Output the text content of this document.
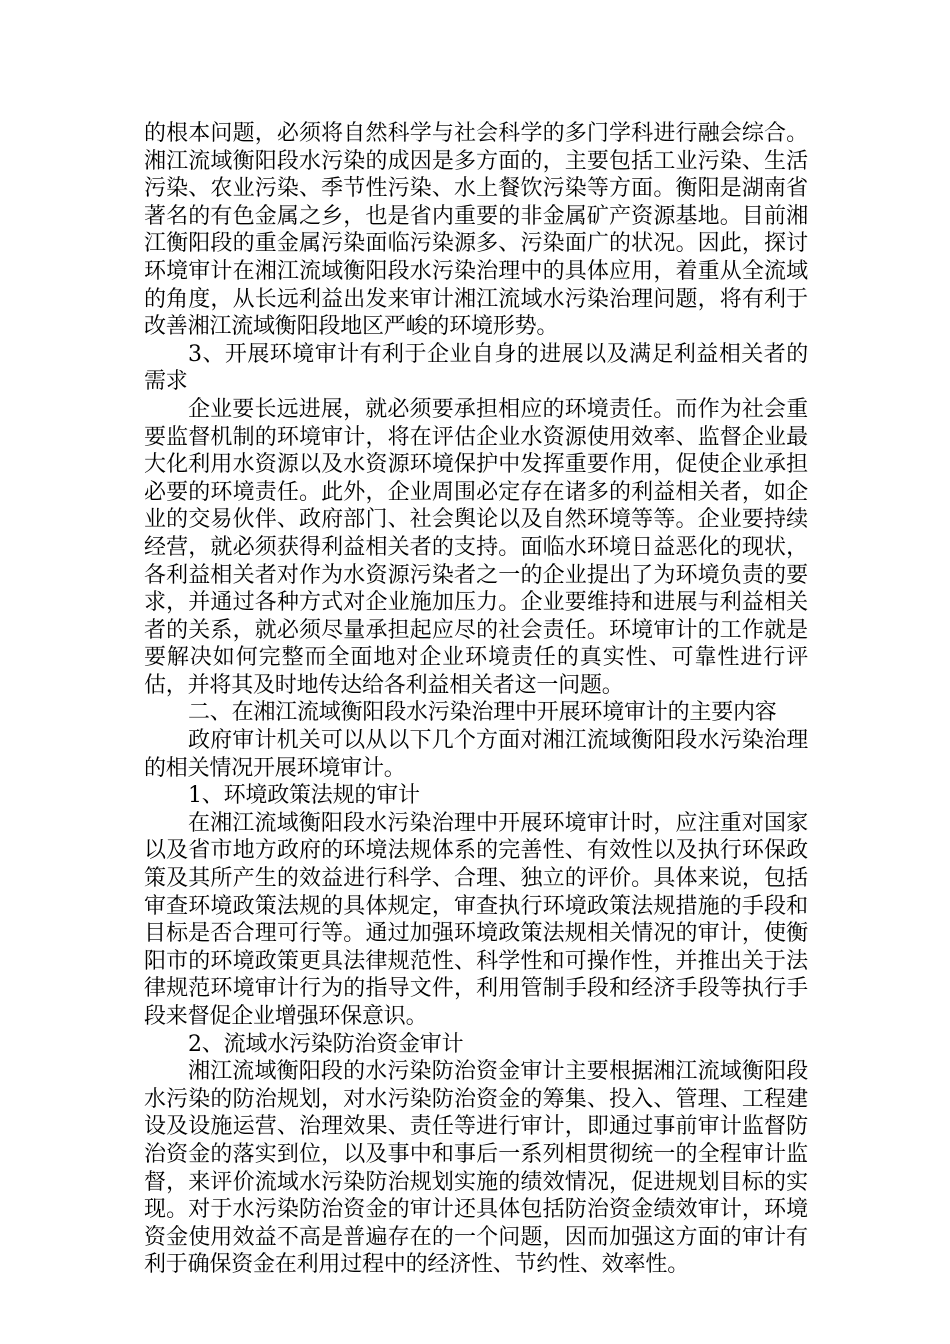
的根本问题，必须将自然科学与社会科学的多门学科进行融会综合。湘江流域衡阳段水污染的成因是多方面的，主要包括工业污染、生活污染、农业污染、季节性污染、水上餐饮污染等方面。衡阳是湖南省著名的有色金属之乡，也是省内重要的非金属矿产资源基地。目前湘江衡阳段的重金属污染面临污染源多、污染面广的状况。因此，探讨环境审计在湘江流域衡阳段水污染治理中的具体应用，着重从全流域的角度，从长远利益出发来审计湘江流域水污染治理问题，将有利于改善湘江流域衡阳段地区严峻的环境形势。

3、开展环境审计有利于企业自身的进展以及满足利益相关者的需求

企业要长远进展，就必须要承担相应的环境责任。而作为社会重要监督机制的环境审计，将在评估企业水资源使用效率、监督企业最大化利用水资源以及水资源环境保护中发挥重要作用，促使企业承担必要的环境责任。此外，企业周围必定存在诸多的利益相关者，如企业的交易伙伴、政府部门、社会舆论以及自然环境等等。企业要持续经营，就必须获得利益相关者的支持。面临水环境日益恶化的现状，各利益相关者对作为水资源污染者之一的企业提出了为环境负责的要求，并通过各种方式对企业施加压力。企业要维持和进展与利益相关者的关系，就必须尽量承担起应尽的社会责任。环境审计的工作就是要解决如何完整而全面地对企业环境责任的真实性、可靠性进行评估，并将其及时地传达给各利益相关者这一问题。

二、在湘江流域衡阳段水污染治理中开展环境审计的主要内容

政府审计机关可以从以下几个方面对湘江流域衡阳段水污染治理的相关情况开展环境审计。

1、环境政策法规的审计

在湘江流域衡阳段水污染治理中开展环境审计时，应注重对国家以及省市地方政府的环境法规体系的完善性、有效性以及执行环保政策及其所产生的效益进行科学、合理、独立的评价。具体来说，包括审查环境政策法规的具体规定，审查执行环境政策法规措施的手段和目标是否合理可行等。通过加强环境政策法规相关情况的审计，使衡阳市的环境政策更具法律规范性、科学性和可操作性，并推出关于法律规范环境审计行为的指导文件，利用管制手段和经济手段等执行手段来督促企业增强环保意识。

2、流域水污染防治资金审计

湘江流域衡阳段的水污染防治资金审计主要根据湘江流域衡阳段水污染的防治规划，对水污染防治资金的筹集、投入、管理、工程建设及设施运营、治理效果、责任等进行审计，即通过事前审计监督防治资金的落实到位，以及事中和事后一系列相贯彻统一的全程审计监督，来评价流域水污染防治规划实施的绩效情况，促进规划目标的实现。对于水污染防治资金的审计还具体包括防治资金绩效审计，环境资金使用效益不高是普遍存在的一个问题，因而加强这方面的审计有利于确保资金在利用过程中的经济性、节约性、效率性。
